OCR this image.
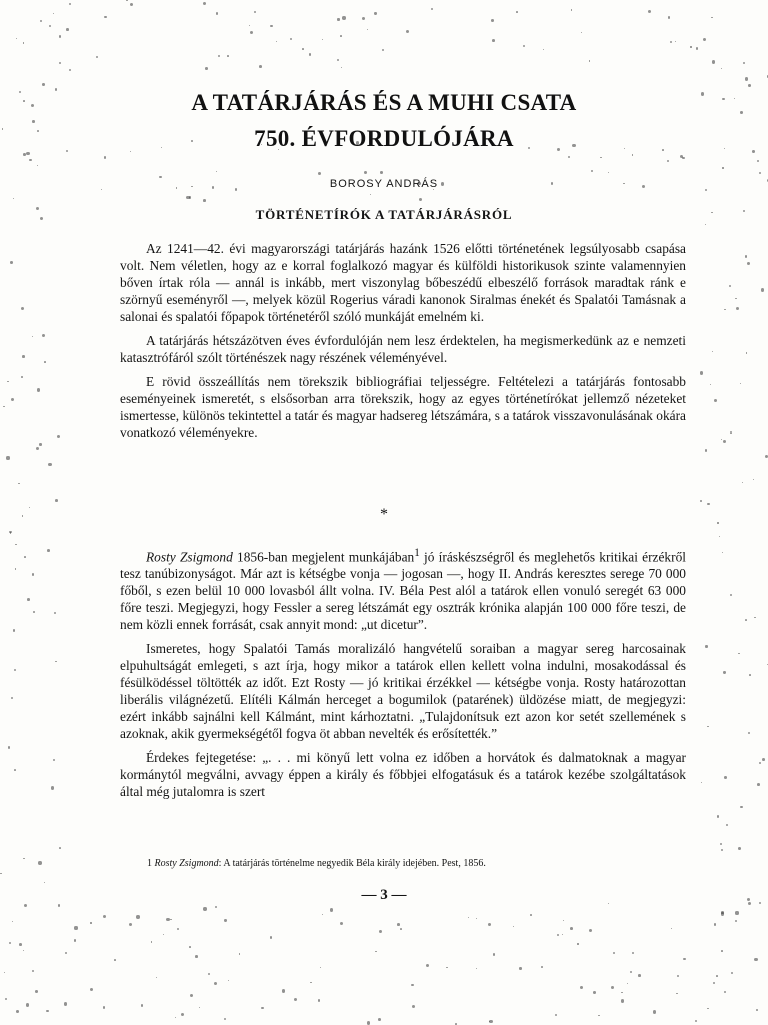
A TATÁRJÁRÁS ÉS A MUHI CSATA
750. ÉVFORDULÓJÁRA
BOROSY ANDRÁS
TÖRTÉNETÍRÓK A TATÁRJÁRÁSRÓL

Az 1241—42. évi magyarországi tatárjárás hazánk 1526 előtti történetének legsúlyosabb csapása volt. Nem véletlen, hogy az e korral foglalkozó magyar és külföldi historikusok szinte valamennyien bőven írtak róla — annál is inkább, mert viszonylag bőbeszédű elbeszélő források maradtak ránk e szörnyű eseményről —, melyek közül Rogerius váradi kanonok Siralmas énekét és Spalatói Tamásnak a salonai és spalatói főpapok történetéről szóló munkáját emelném ki.

A tatárjárás hétszázötven éves évfordulóján nem lesz érdektelen, ha megismerkedünk az e nemzeti katasztrófáról szólt történészek nagy részének véleményével.

E rövid összeállítás nem törekszik bibliográfiai teljességre. Feltételezi a tatárjárás fontosabb eseményeinek ismeretét, s elsősorban arra törekszik, hogy az egyes történetírókat jellemző nézeteket ismertesse, különös tekintettel a tatár és magyar hadsereg létszámára, s a tatárok visszavonulásának okára vonatkozó véleményekre.

*

Rosty Zsigmond 1856-ban megjelent munkájában$^1$ jó íráskészségről és meglehetős kritikai érzékről tesz tanúbizonyságot. Már azt is kétségbe vonja — jogosan —, hogy II. András keresztes serege 70 000 főből, s ezen belül 10 000 lovasból állt volna. IV. Béla Pest alól a tatárok ellen vonuló seregét 63 000 főre teszi. Megjegyzi, hogy Fessler a sereg létszámát egy osztrák krónika alapján 100 000 főre teszi, de nem közli ennek forrását, csak annyit mond: „ut dicetur”.

Ismeretes, hogy Spalatói Tamás moralizáló hangvételű soraiban a magyar sereg harcosainak elpuhultságát emlegeti, s azt írja, hogy mikor a tatárok ellen kellett volna indulni, mosakodással és fésülködéssel töltötték az időt. Ezt Rosty — jó kritikai érzékkel — kétségbe vonja. Rosty határozottan liberális világnézetű. Elítéli Kálmán herceget a bogumilok (patarének) üldözése miatt, de megjegyzi: ezért inkább sajnálni kell Kálmánt, mint kárhoztatni. „Tulajdonítsuk ezt azon kor setét szellemének s azoknak, akik gyermekségétől fogva öt abban nevelték és erősítették.”

Érdekes fejtegetése: „. . . mi könyű lett volna ez időben a horvátok és dalmatoknak a magyar kormánytól megválni, avvagy éppen a király és főbbjei elfogatásuk és a tatárok kezébe szolgáltatások által még jutalomra is szert

1 Rosty Zsigmond: A tatárjárás történelme negyedik Béla király idejében. Pest, 1856.
— 3 —
